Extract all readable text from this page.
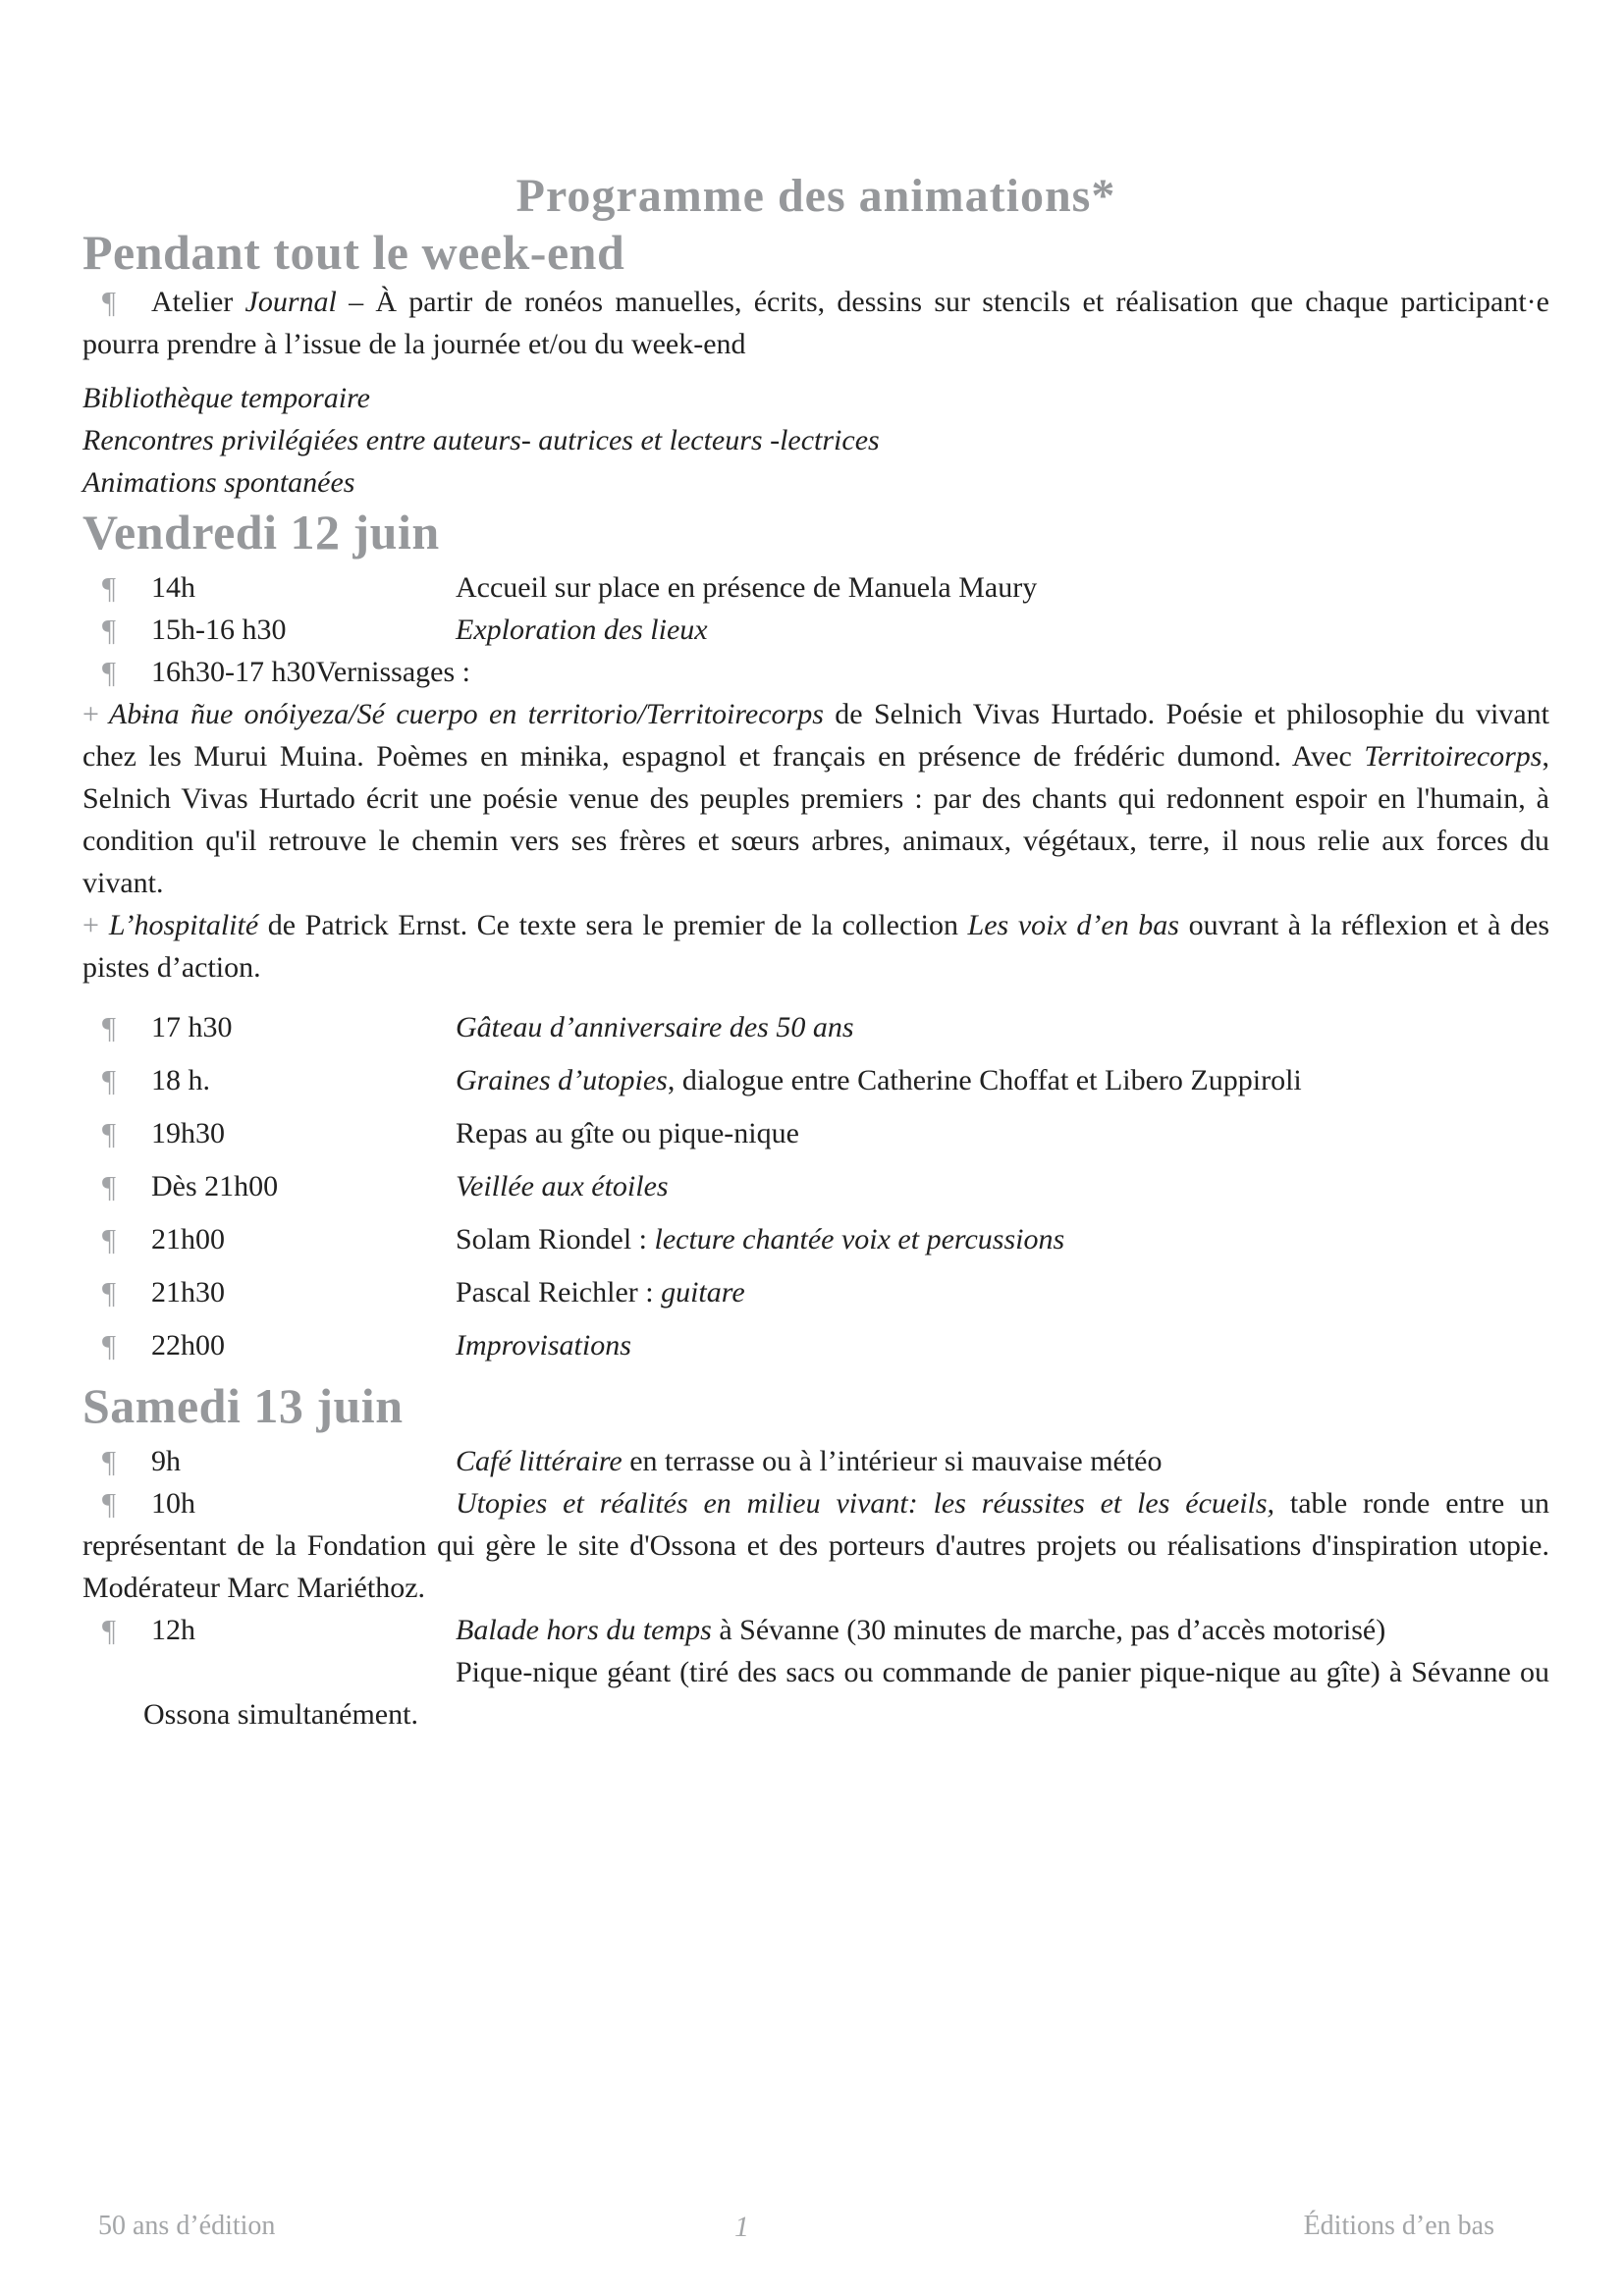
Programme des animations*
Pendant tout le week-end

¶ Atelier Journal – À partir de ronéos manuelles, écrits, dessins sur stencils et réalisation que chaque participant·e pourra prendre à l’issue de la journée et/ou du week-end

Bibliothèque temporaire

Rencontres privilégiées entre auteurs- autrices et lecteurs -lectrices

Animations spontanées

Vendredi 12 juin

¶ 14h	Accueil sur place en présence de Manuela Maury

¶ 15h-16 h30	Exploration des lieux

¶ 16h30-17 h30Vernissages :

+ Abɨna ñue onóiyeza/Sé cuerpo en territorio/Territoirecorps de Selnich Vivas Hurtado. Poésie et philosophie du vivant chez les Murui Muina. Poèmes en mɨnɨka, espagnol et français en présence de frédéric dumond. Avec Territoirecorps, Selnich Vivas Hurtado écrit une poésie venue des peuples premiers : par des chants qui redonnent espoir en l'humain, à condition qu'il retrouve le chemin vers ses frères et sœurs arbres, animaux, végétaux, terre, il nous relie aux forces du vivant.

+ L’hospitalité de Patrick Ernst. Ce texte sera le premier de la collection Les voix d’en bas ouvrant à la réflexion et à des pistes d’action.

¶ 17 h30	Gâteau d’anniversaire des 50 ans

¶ 18 h.	Graines d’utopies, dialogue entre Catherine Choffat et Libero Zuppiroli

¶ 19h30	Repas au gîte ou pique-nique

¶ Dès 21h00	Veillée aux étoiles

¶ 21h00	Solam Riondel : lecture chantée voix et percussions

¶ 21h30	Pascal Reichler : guitare

¶ 22h00	Improvisations

Samedi 13 juin

¶ 9h	Café littéraire en terrasse ou à l’intérieur si mauvaise météo

¶ 10h	Utopies et réalités en milieu vivant: les réussites et les écueils, table ronde entre un représentant de la Fondation qui gère le site d'Ossona et des porteurs d'autres projets ou réalisations d'inspiration utopie. Modérateur Marc Mariéthoz.

¶ 12h	Balade hors du temps à Sévanne (30 minutes de marche, pas d’accès motorisé)

Pique-nique géant (tiré des sacs ou commande de panier pique-nique au gîte) à Sévanne ou Ossona simultanément.

50 ans d’édition	1	Éditions d’en bas
